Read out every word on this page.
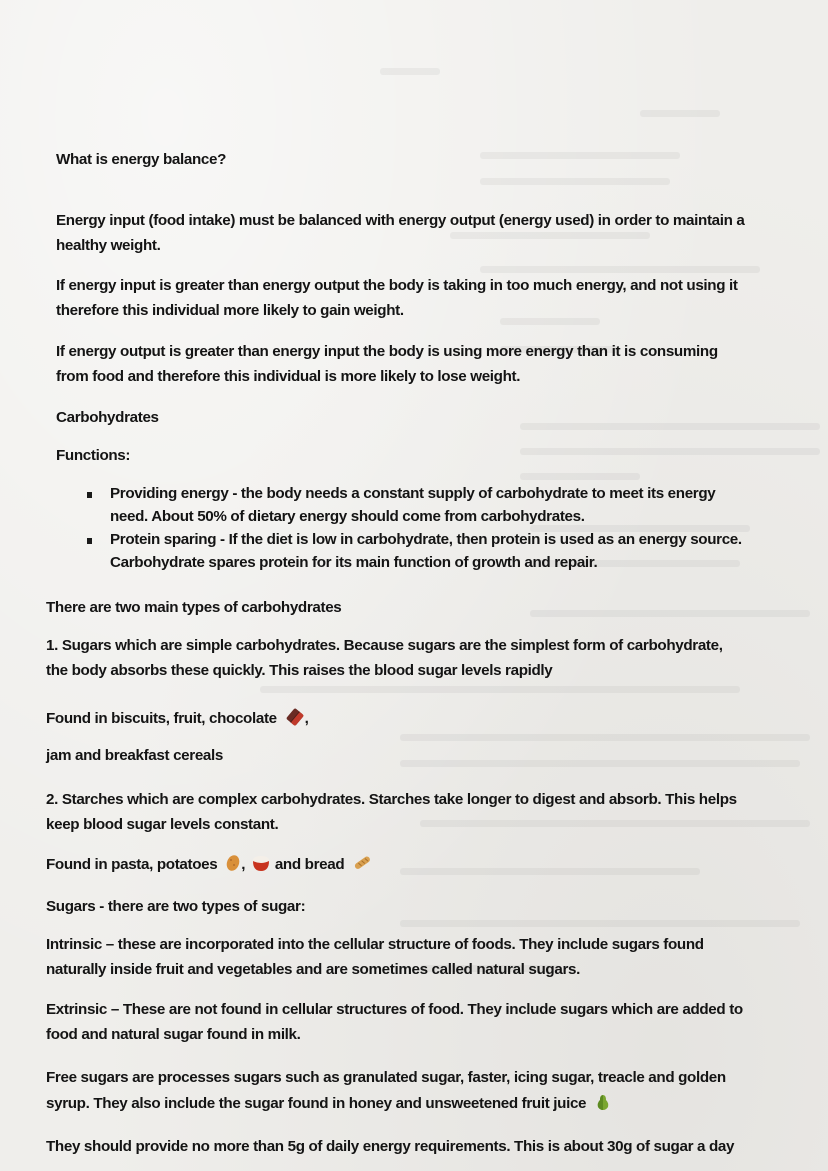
What is energy balance?
Energy input (food intake) must be balanced with energy output (energy used) in order to maintain a
healthy weight.
If energy input is greater than energy output the body is taking in too much energy, and not using it
therefore this individual more likely to gain weight.
If energy output is greater than energy input the body is using more energy than it is consuming
from food and therefore this individual is more likely to lose weight.
Carbohydrates
Functions:
Providing energy - the body needs a constant supply of carbohydrate to meet its energy
need. About 50% of dietary energy should come from carbohydrates.
Protein sparing - If the diet is low in carbohydrate, then protein is used as an energy source.
Carbohydrate spares protein for its main function of growth and repair.
There are two main types of carbohydrates
1. Sugars which are simple carbohydrates. Because sugars are the simplest form of carbohydrate,
the body absorbs these quickly. This raises the blood sugar levels rapidly
Found in biscuits, fruit, chocolate ,
jam and breakfast cereals
2. Starches which are complex carbohydrates. Starches take longer to digest and absorb. This helps
keep blood sugar levels constant.
Found in pasta, potatoes , and bread
Sugars - there are two types of sugar:
Intrinsic – these are incorporated into the cellular structure of foods. They include sugars found
naturally inside fruit and vegetables and are sometimes called natural sugars.
Extrinsic – These are not found in cellular structures of food. They include sugars which are added to
food and natural sugar found in milk.
Free sugars are processes sugars such as granulated sugar, faster, icing sugar, treacle and golden
syrup. They also include the sugar found in honey and unsweetened fruit juice
They should provide no more than 5g of daily energy requirements. This is about 30g of sugar a day
